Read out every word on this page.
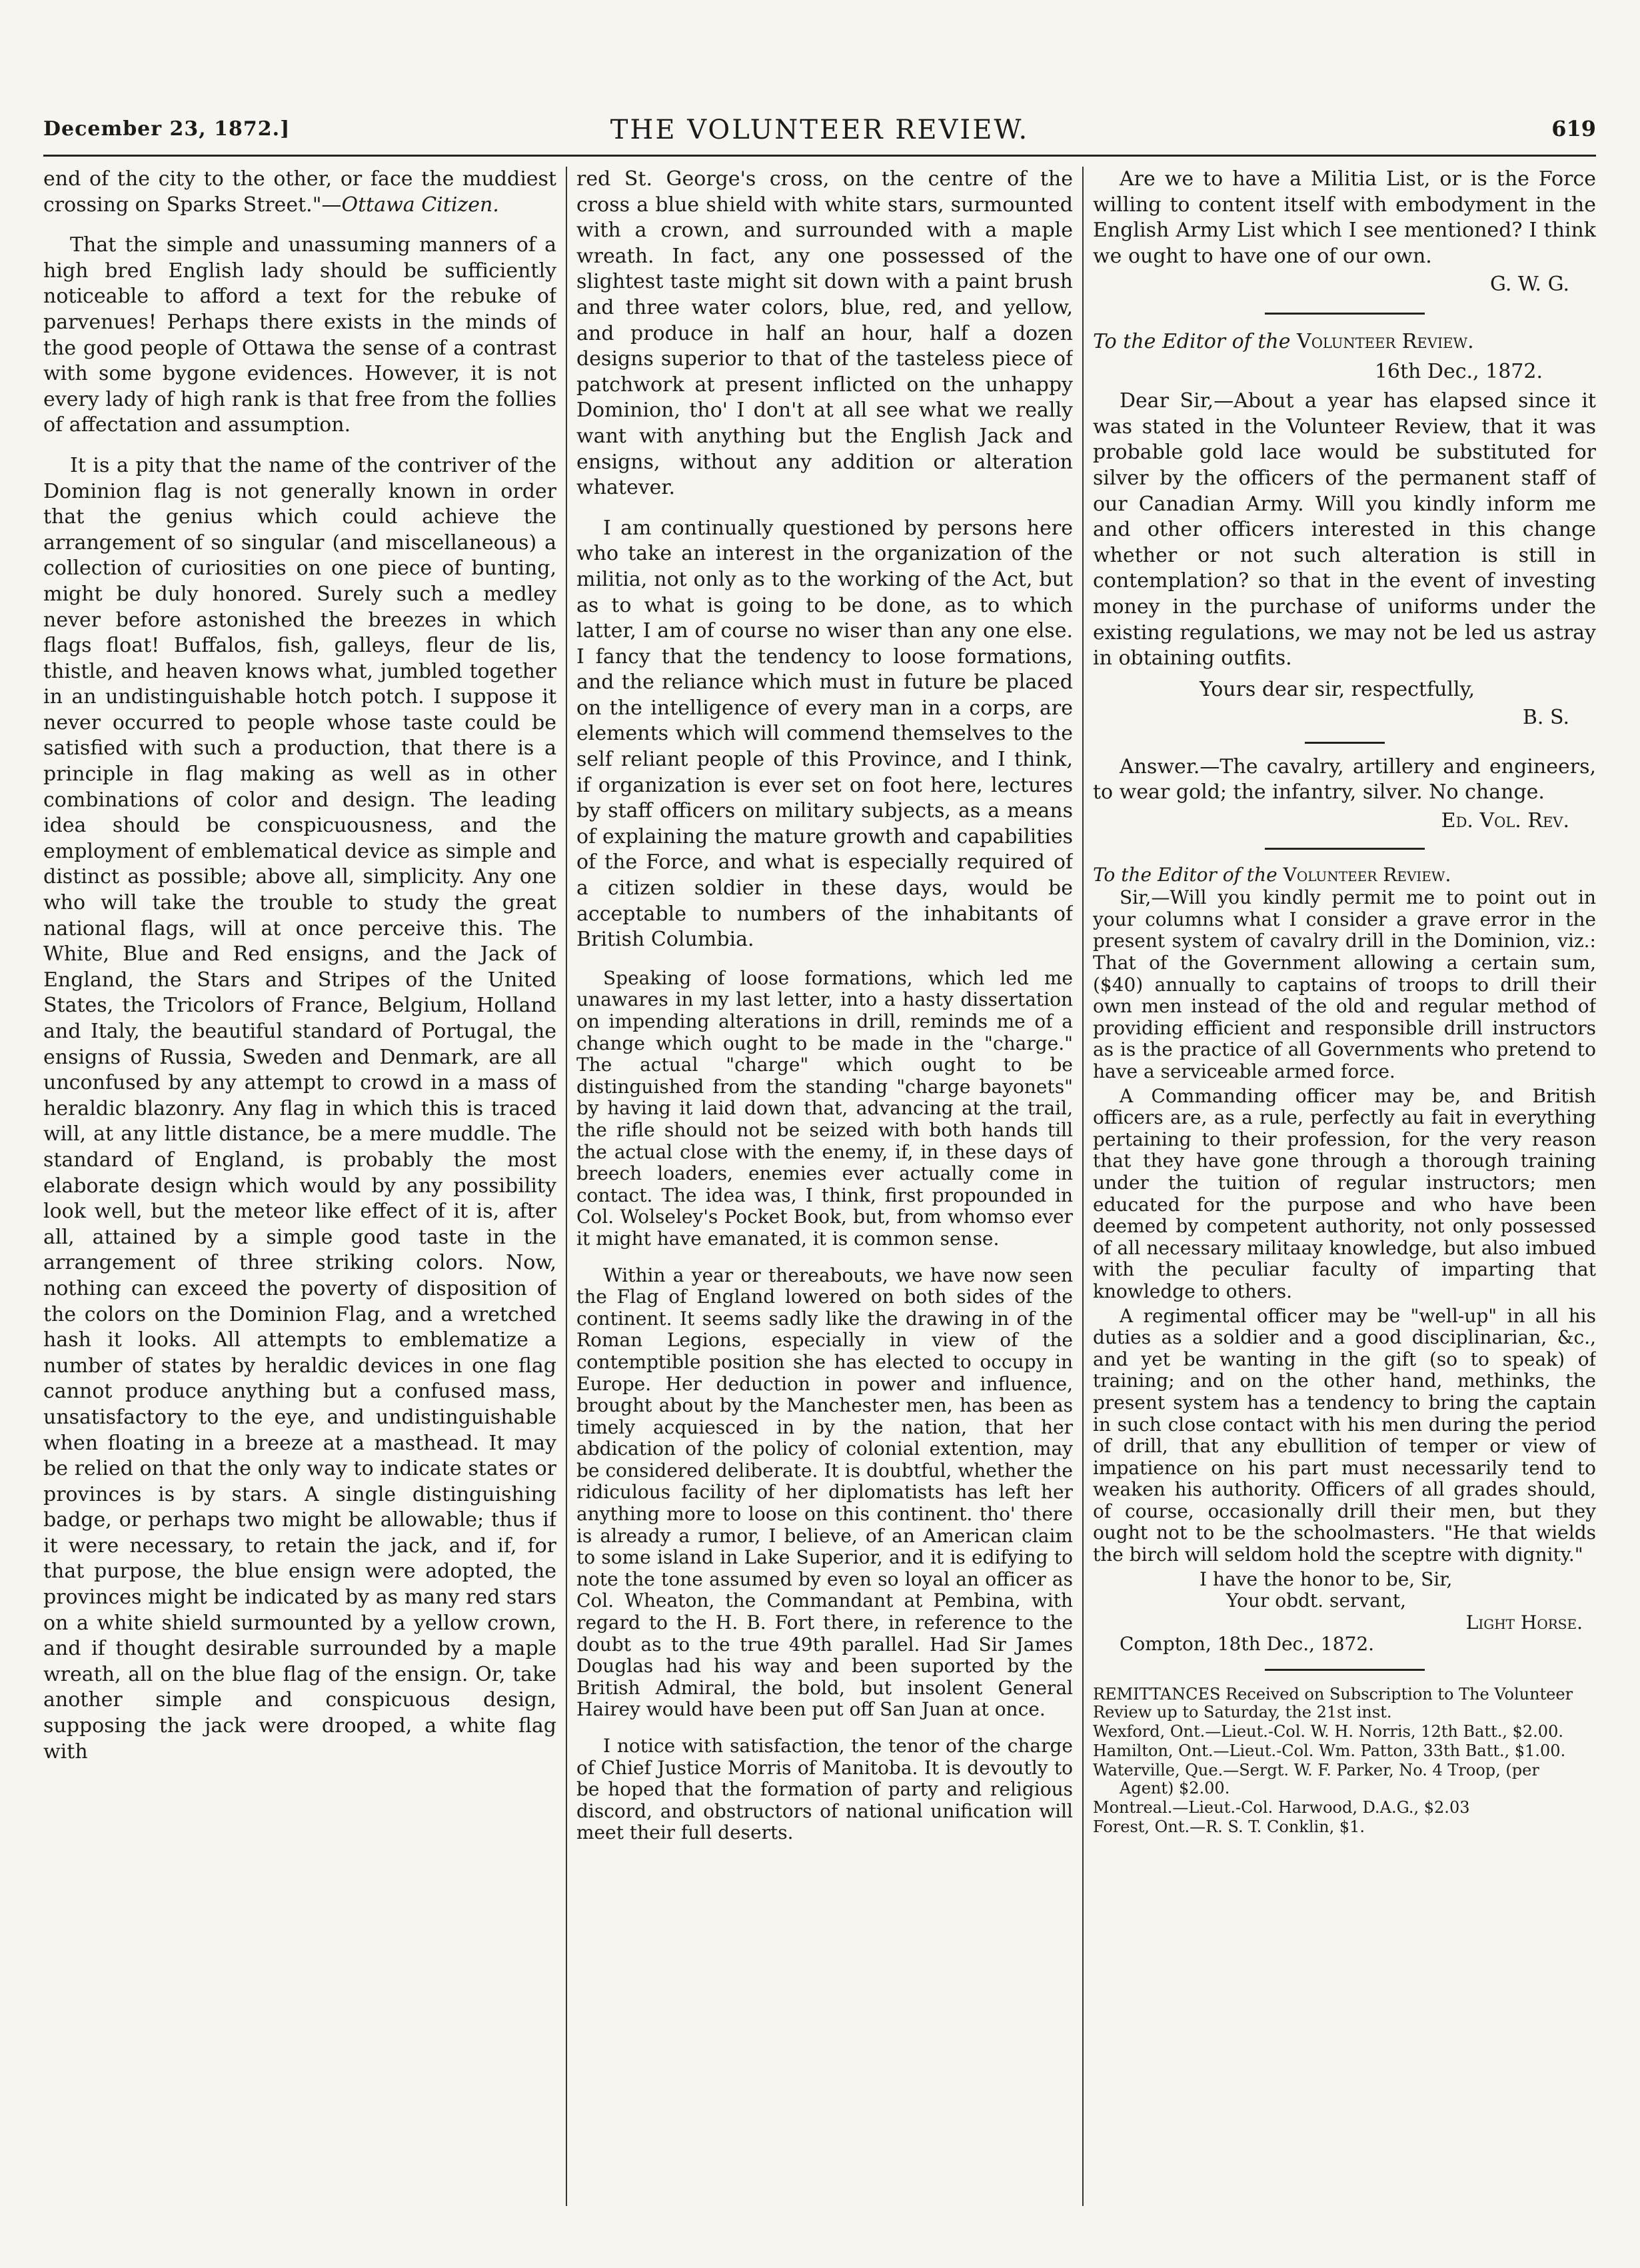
December 23, 1872.]	THE VOLUNTEER REVIEW.	619

end of the city to the other, or face the muddiest crossing on Sparks Street."—Ottawa Citizen.

That the simple and unassuming manners of a high bred English lady should be sufficiently noticeable to afford a text for the rebuke of parvenues! Perhaps there exists in the minds of the good people of Ottawa the sense of a contrast with some bygone evidences. However, it is not every lady of high rank is that free from the follies of affectation and assumption.

It is a pity that the name of the contriver of the Dominion flag is not generally known in order that the genius which could achieve the arrangement of so singular (and miscellaneous) a collection of curiosities on one piece of bunting, might be duly honored. Surely such a medley never before astonished the breezes in which flags float! Buffalos, fish, galleys, fleur de lis, thistle, and heaven knows what, jumbled together in an undistinguishable hotch potch. I suppose it never occurred to people whose taste could be satisfied with such a production, that there is a principle in flag making as well as in other combinations of color and design. The leading idea should be conspicuousness, and the employment of emblematical device as simple and distinct as possible; above all, simplicity. Any one who will take the trouble to study the great national flags, will at once perceive this. The White, Blue and Red ensigns, and the Jack of England, the Stars and Stripes of the United States, the Tricolors of France, Belgium, Holland and Italy, the beautiful standard of Portugal, the ensigns of Russia, Sweden and Denmark, are all unconfused by any attempt to crowd in a mass of heraldic blazonry. Any flag in which this is traced will, at any little distance, be a mere muddle. The standard of England, is probably the most elaborate design which would by any possibility look well, but the meteor like effect of it is, after all, attained by a simple good taste in the arrangement of three striking colors. Now, nothing can exceed the poverty of disposition of the colors on the Dominion Flag, and a wretched hash it looks. All attempts to emblematize a number of states by heraldic devices in one flag cannot produce anything but a confused mass, unsatisfactory to the eye, and undistinguishable when floating in a breeze at a masthead. It may be relied on that the only way to indicate states or provinces is by stars. A single distinguishing badge, or perhaps two might be allowable; thus if it were necessary, to retain the jack, and if, for that purpose, the blue ensign were adopted, the provinces might be indicated by as many red stars on a white shield surmounted by a yellow crown, and if thought desirable surrounded by a maple wreath, all on the blue flag of the ensign. Or, take another simple and conspicuous design, supposing the jack were drooped, a white flag with

red St. George's cross, on the centre of the cross a blue shield with white stars, surmounted with a crown, and surrounded with a maple wreath. In fact, any one possessed of the slightest taste might sit down with a paint brush and three water colors, blue, red, and yellow, and produce in half an hour, half a dozen designs superior to that of the tasteless piece of patchwork at present inflicted on the unhappy Dominion, tho' I don't at all see what we really want with anything but the English Jack and ensigns, without any addition or alteration whatever.

I am continually questioned by persons here who take an interest in the organization of the militia, not only as to the working of the Act, but as to what is going to be done, as to which latter, I am of course no wiser than any one else. I fancy that the tendency to loose formations, and the reliance which must in future be placed on the intelligence of every man in a corps, are elements which will commend themselves to the self reliant people of this Province, and I think, if organization is ever set on foot here, lectures by staff officers on military subjects, as a means of explaining the mature growth and capabilities of the Force, and what is especially required of a citizen soldier in these days, would be acceptable to numbers of the inhabitants of British Columbia.

Speaking of loose formations, which led me unawares in my last letter, into a hasty dissertation on impending alterations in drill, reminds me of a change which ought to be made in the "charge." The actual "charge" which ought to be distinguished from the standing "charge bayonets" by having it laid down that, advancing at the trail, the rifle should not be seized with both hands till the actual close with the enemy, if, in these days of breech loaders, enemies ever actually come in contact. The idea was, I think, first propounded in Col. Wolseley's Pocket Book, but, from whomso ever it might have emanated, it is common sense.

Within a year or thereabouts, we have now seen the Flag of England lowered on both sides of the continent. It seems sadly like the drawing in of the Roman Legions, especially in view of the contemptible position she has elected to occupy in Europe. Her deduction in power and influence, brought about by the Manchester men, has been as timely acquiesced in by the nation, that her abdication of the policy of colonial extention, may be considered deliberate. It is doubtful, whether the ridiculous facility of her diplomatists has left her anything more to loose on this continent. tho' there is already a rumor, I believe, of an American claim to some island in Lake Superior, and it is edifying to note the tone assumed by even so loyal an officer as Col. Wheaton, the Commandant at Pembina, with regard to the H. B. Fort there, in reference to the doubt as to the true 49th parallel. Had Sir James Douglas had his way and been suported by the British Admiral, the bold, but insolent General Hairey would have been put off San Juan at once.

I notice with satisfaction, the tenor of the charge of Chief Justice Morris of Manitoba. It is devoutly to be hoped that the formation of party and religious discord, and obstructors of national unification will meet their full deserts.

Are we to have a Militia List, or is the Force willing to content itself with embodyment in the English Army List which I see mentioned? I think we ought to have one of our own.

G. W. G.

To the Editor of the Volunteer Review.

16th Dec., 1872.

Dear Sir,—About a year has elapsed since it was stated in the Volunteer Review, that it was probable gold lace would be substituted for silver by the officers of the permanent staff of our Canadian Army. Will you kindly inform me and other officers interested in this change whether or not such alteration is still in contemplation? so that in the event of investing money in the purchase of uniforms under the existing regulations, we may not be led us astray in obtaining outfits.

Yours dear sir, respectfully,

B. S.

Answer.—The cavalry, artillery and engineers, to wear gold; the infantry, silver. No change.

Ed. Vol. Rev.

To the Editor of the Volunteer Review.

Sir,—Will you kindly permit me to point out in your columns what I consider a grave error in the present system of cavalry drill in the Dominion, viz.: That of the Government allowing a certain sum, ($40) annually to captains of troops to drill their own men instead of the old and regular method of providing efficient and responsible drill instructors as is the practice of all Governments who pretend to have a serviceable armed force.

A Commanding officer may be, and British officers are, as a rule, perfectly au fait in everything pertaining to their profession, for the very reason that they have gone through a thorough training under the tuition of regular instructors; men educated for the purpose and who have been deemed by competent authority, not only possessed of all necessary militaay knowledge, but also imbued with the peculiar faculty of imparting that knowledge to others.

A regimental officer may be "well-up" in all his duties as a soldier and a good disciplinarian, &c., and yet be wanting in the gift (so to speak) of training; and on the other hand, methinks, the present system has a tendency to bring the captain in such close contact with his men during the period of drill, that any ebullition of temper or view of impatience on his part must necessarily tend to weaken his authority. Officers of all grades should, of course, occasionally drill their men, but they ought not to be the schoolmasters. "He that wields the birch will seldom hold the sceptre with dignity."

I have the honor to be, Sir,

Your obdt. servant,

Light Horse.

Compton, 18th Dec., 1872.

REMITTANCES Received on Subscription to The Volunteer Review up to Saturday, the 21st inst.

Wexford, Ont.—Lieut.-Col. W. H. Norris, 12th Batt., $2.00.

Hamilton, Ont.—Lieut.-Col. Wm. Patton, 33th Batt., $1.00.

Waterville, Que.—Sergt. W. F. Parker, No. 4 Troop, (per Agent) $2.00.

Montreal.—Lieut.-Col. Harwood, D.A.G., $2.03

Forest, Ont.—R. S. T. Conklin, $1.
